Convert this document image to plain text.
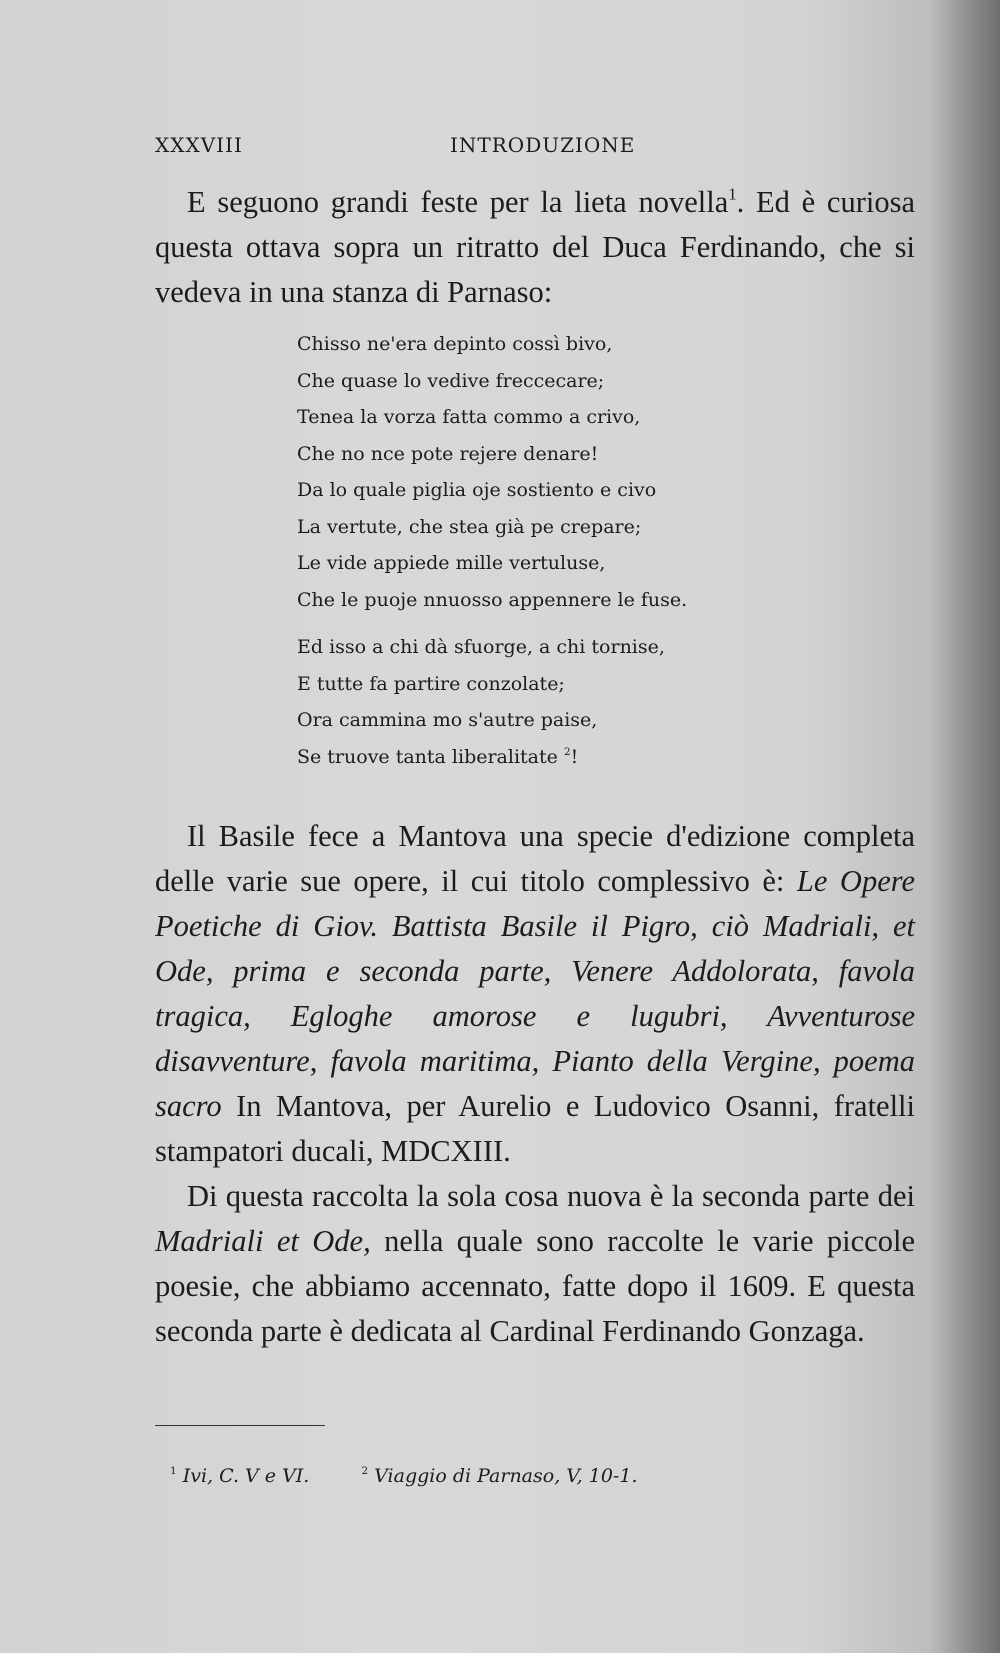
XXXVIII	INTRODUZIONE

E seguono grandi feste per la lieta novella$^1$. Ed è curiosa questa ottava sopra un ritratto del Duca Ferdinando, che si vedeva in una stanza di Parnaso:

Chisso ne'era depinto cossì bivo,
Che quase lo vedive freccecare;
Tenea la vorza fatta commo a crivo,
Che no nce pote rejere denare!
Da lo quale piglia oje sostiento e civo
La vertute, che stea già pe crepare;
Le vide appiede mille vertuluse,
Che le puoje nnuosso appennere le fuse.
Ed isso a chi dà sfuorge, a chi tornise,
E tutte fa partire conzolate;
Ora cammina mo s'autre paise,
Se truove tanta liberalitate $^2$!

Il Basile fece a Mantova una specie d'edizione completa delle varie sue opere, il cui titolo complessivo è: Le Opere Poetiche di Giov. Battista Basile il Pigro, ciò Madriali, et Ode, prima e seconda parte, Venere Addolorata, favola tragica, Egloghe amorose e lugubri, Avventurose disavventure, favola maritima, Pianto della Vergine, poema sacro In Mantova, per Aurelio e Ludovico Osanni, fratelli stampatori ducali, MDCXIII.

Di questa raccolta la sola cosa nuova è la seconda parte dei Madriali et Ode, nella quale sono raccolte le varie piccole poesie, che abbiamo accennato, fatte dopo il 1609. E questa seconda parte è dedicata al Cardinal Ferdinando Gonzaga.

$^1$ Ivi, C. V e VI.	$^2$ Viaggio di Parnaso, V, 10-1.
